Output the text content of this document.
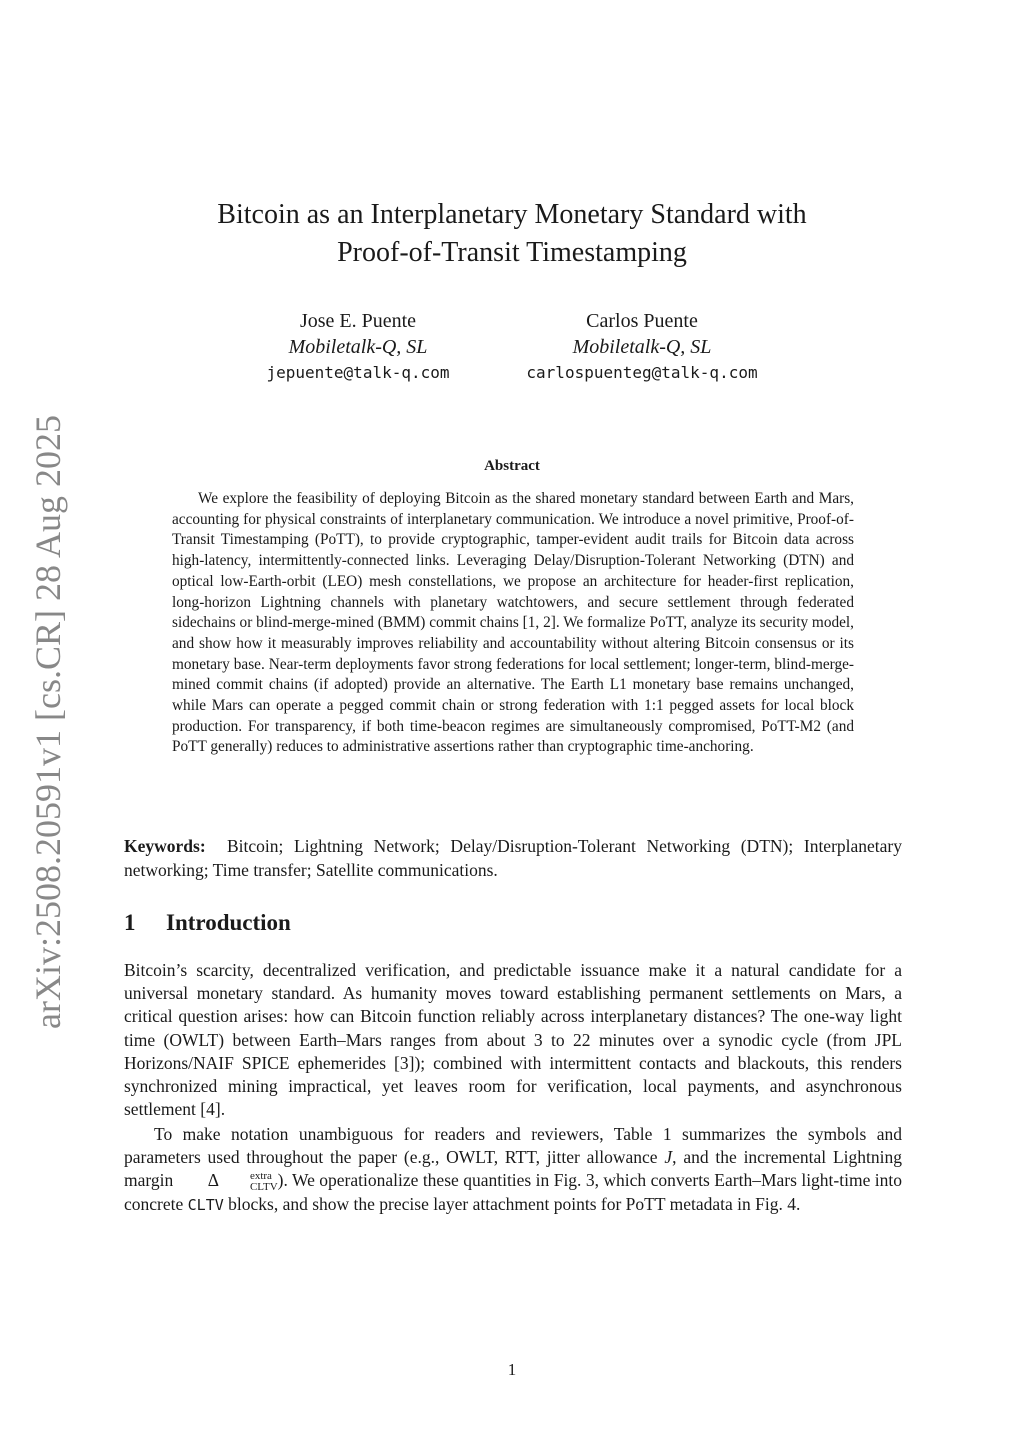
arXiv:2508.20591v1 [cs.CR] 28 Aug 2025
Bitcoin as an Interplanetary Monetary Standard with
Proof-of-Transit Timestamping
Jose E. Puente
Mobiletalk-Q, SL
jepuente@talk-q.com
Carlos Puente
Mobiletalk-Q, SL
carlospuenteg@talk-q.com
Abstract

We explore the feasibility of deploying Bitcoin as the shared monetary standard between Earth and Mars, accounting for physical constraints of interplanetary communication. We introduce a novel primitive, Proof-of-Transit Timestamping (PoTT), to provide cryptographic, tamper-evident audit trails for Bitcoin data across high-latency, intermittently-connected links. Leveraging Delay/Disruption-Tolerant Networking (DTN) and optical low-Earth-orbit (LEO) mesh constellations, we propose an architecture for header-first replication, long-horizon Lightning channels with planetary watchtowers, and secure settlement through federated sidechains or blind-merge-mined (BMM) commit chains [1, 2]. We formalize PoTT, analyze its security model, and show how it measurably improves reliability and accountability without altering Bitcoin consensus or its monetary base. Near-term deployments favor strong federations for local settlement; longer-term, blind-merge-mined commit chains (if adopted) provide an alternative. The Earth L1 monetary base remains unchanged, while Mars can operate a pegged commit chain or strong federation with 1:1 pegged assets for local block production. For transparency, if both time-beacon regimes are simultaneously compromised, PoTT-M2 (and PoTT generally) reduces to administrative assertions rather than cryptographic time-anchoring.

Keywords: Bitcoin; Lightning Network; Delay/Disruption-Tolerant Networking (DTN); Interplanetary networking; Time transfer; Satellite communications.

1 Introduction

Bitcoin’s scarcity, decentralized verification, and predictable issuance make it a natural candidate for a universal monetary standard. As humanity moves toward establishing permanent settlements on Mars, a critical question arises: how can Bitcoin function reliably across interplanetary distances? The one-way light time (OWLT) between Earth–Mars ranges from about 3 to 22 minutes over a synodic cycle (from JPL Horizons/NAIF SPICE ephemerides [3]); combined with intermittent contacts and blackouts, this renders synchronized mining impractical, yet leaves room for verification, local payments, and asynchronous settlement [4].

To make notation unambiguous for readers and reviewers, Table 1 summarizes the symbols and parameters used throughout the paper (e.g., OWLT, RTT, jitter allowance J, and the incremental Lightning margin Δ	extra
CLTV ). We operationalize these quantities in Fig. 3, which converts Earth–Mars light-time into concrete CLTV blocks, and show the precise layer attachment points for PoTT metadata in Fig. 4.

1
